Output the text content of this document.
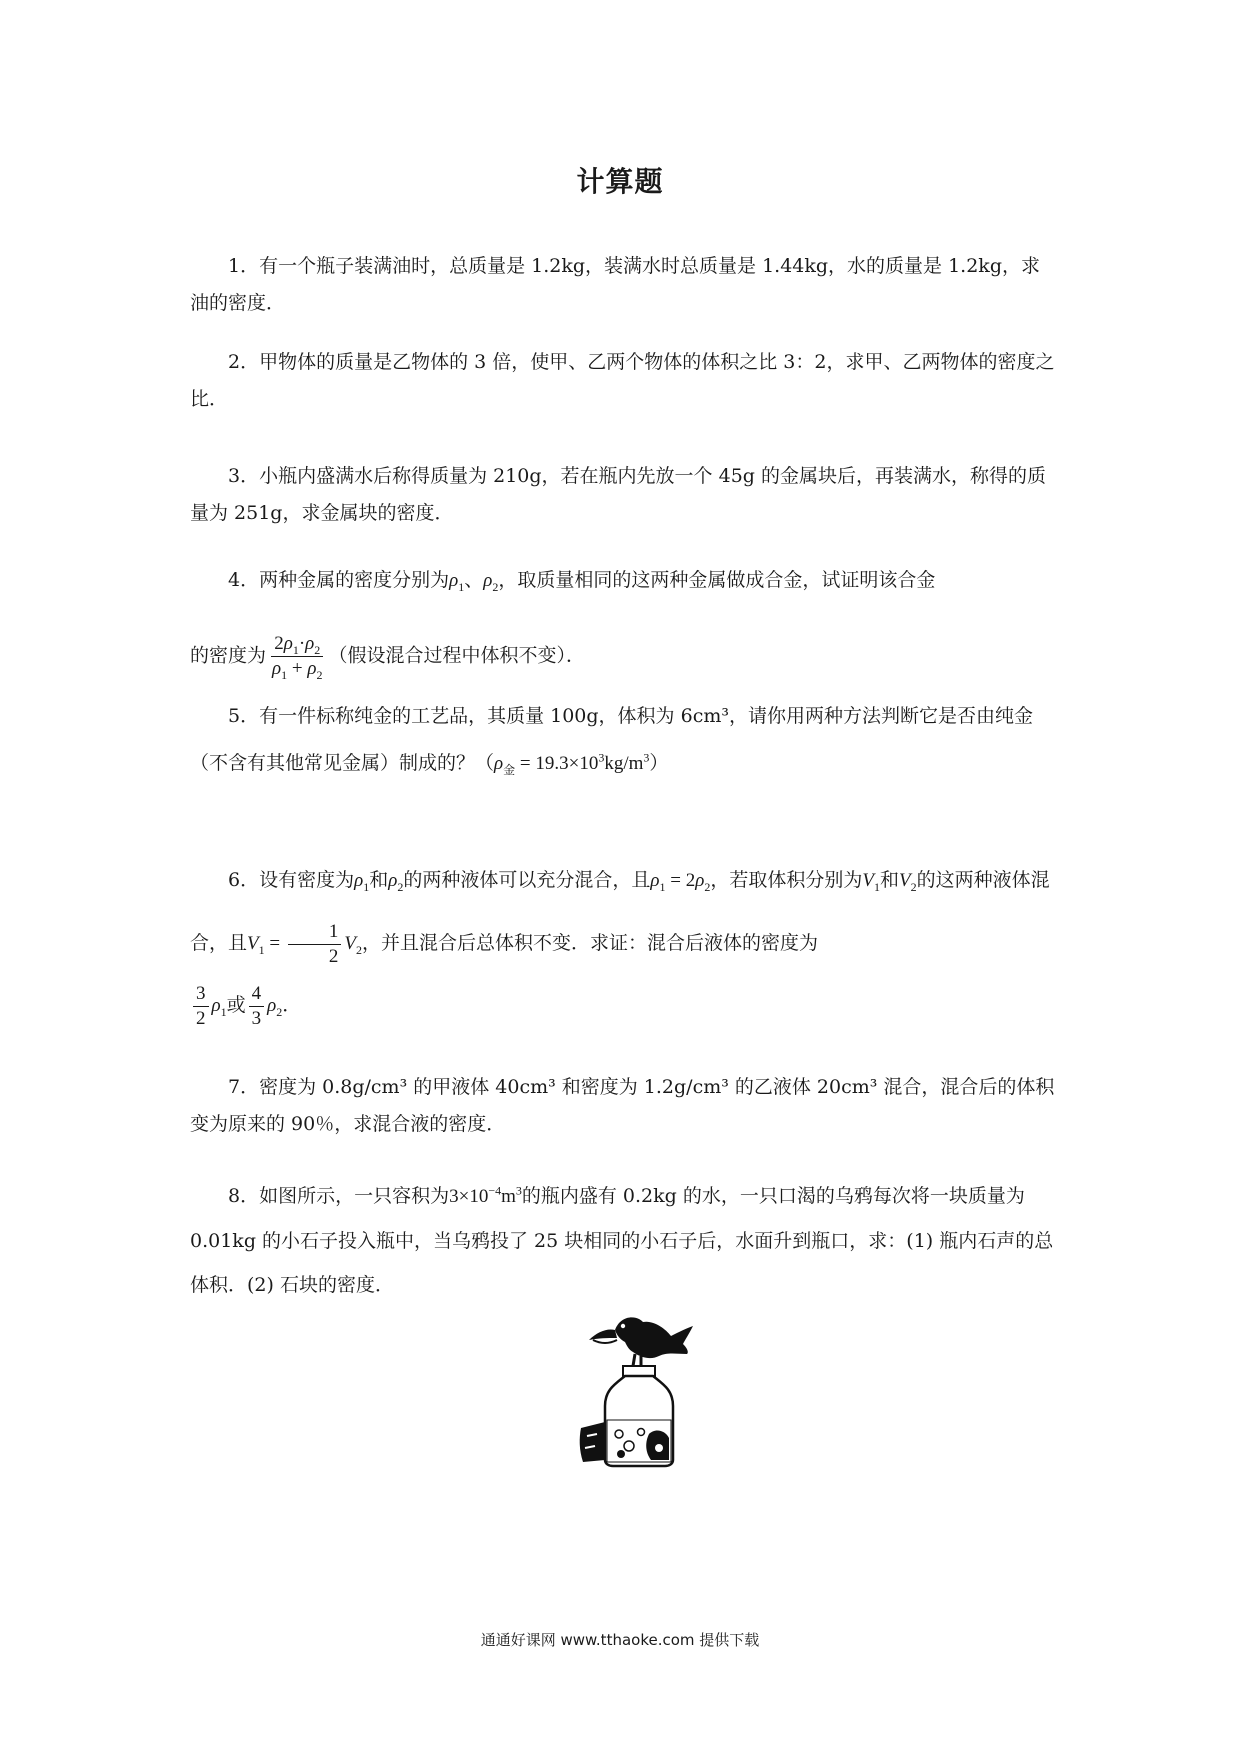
计算题

1．有一个瓶子装满油时，总质量是 1.2kg，装满水时总质量是 1.44kg，水的质量是 1.2kg，求油的密度．

2．甲物体的质量是乙物体的 3 倍，使甲、乙两个物体的体积之比 3：2，求甲、乙两物体的密度之比．

3．小瓶内盛满水后称得质量为 210g，若在瓶内先放一个 45g 的金属块后，再装满水，称得的质量为 251g，求金属块的密度．

4．两种金属的密度分别为$\rho_1$、$\rho_2$，取质量相同的这两种金属做成合金，试证明该合金

的密度为 $\frac{2\rho_1\cdot\rho_2}{\rho_1 + \rho_2}$ （假设混合过程中体积不变）．

5．有一件标称纯金的工艺品，其质量 100g，体积为 6cm³，请你用两种方法判断它是否由纯金（不含有其他常见金属）制成的？$(\rho_金 = 19.3\times 10^3kg/m^3)$

6．设有密度为$\rho_1$和$\rho_2$的两种液体可以充分混合，且$\rho_1 = 2\rho_2$，若取体积分别为$V_1$和$V_2$的这两种液体混合，且$V_1 = \frac{1}{2} V_2$，并且混合后总体积不变．求证：混合后液体的密度为

$\frac{3}{2} \rho_1$或 $\frac{4}{3} \rho_2$．

7．密度为 0.8g/cm³ 的甲液体 40cm³ 和密度为 1.2g/cm³ 的乙液体 20cm³ 混合，混合后的体积变为原来的 90％，求混合液的密度．

8．如图所示，一只容积为$3\times 10^{-4}m^3$的瓶内盛有 0.2kg 的水，一只口渴的乌鸦每次将一块质量为 0.01kg 的小石子投入瓶中，当乌鸦投了 25 块相同的小石子后，水面升到瓶口，求：(1) 瓶内石声的总体积．(2) 石块的密度．

通通好课网 www.tthaoke.com 提供下载
